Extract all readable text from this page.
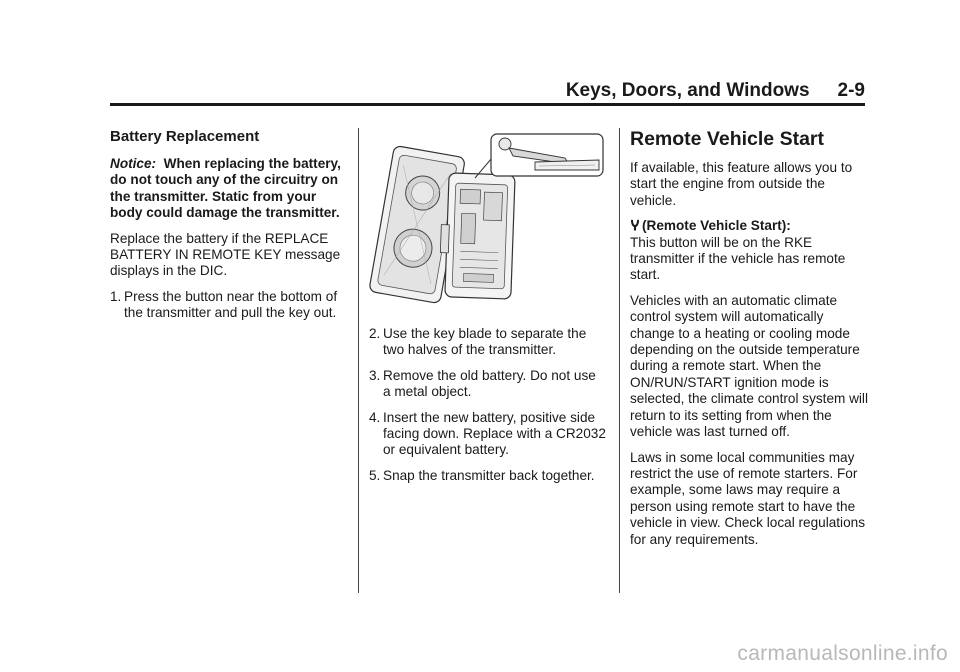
Keys, Doors, and Windows 2-9
Battery Replacement

Notice: When replacing the battery, do not touch any of the circuitry on the transmitter. Static from your body could damage the transmitter.

Replace the battery if the REPLACE BATTERY IN REMOTE KEY message displays in the DIC.

1. Press the button near the bottom of the transmitter and pull the key out.
2. Use the key blade to separate the two halves of the transmitter.
3. Remove the old battery. Do not use a metal object.
4. Insert the new battery, positive side facing down. Replace with a CR2032 or equivalent battery.
5. Snap the transmitter back together.
Remote Vehicle Start

If available, this feature allows you to start the engine from outside the vehicle.

(Remote Vehicle Start):
This button will be on the RKE transmitter if the vehicle has remote start.

Vehicles with an automatic climate control system will automatically change to a heating or cooling mode depending on the outside temperature during a remote start. When the ON/RUN/START ignition mode is selected, the climate control system will return to its setting from when the vehicle was last turned off.

Laws in some local communities may restrict the use of remote starters. For example, some laws may require a person using remote start to have the vehicle in view. Check local regulations for any requirements.

carmanualsonline.info
